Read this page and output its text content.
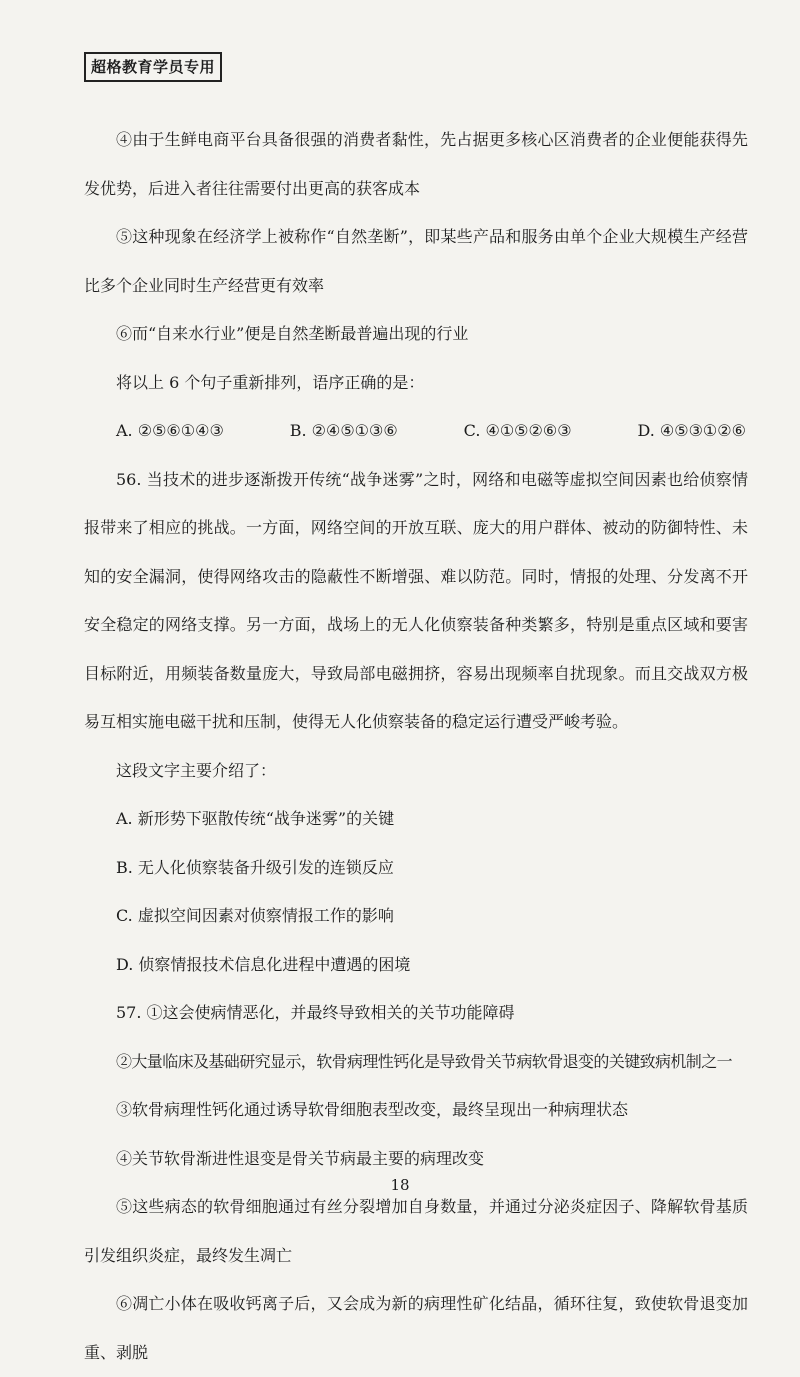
超格教育学员专用

④由于生鲜电商平台具备很强的消费者黏性，先占据更多核心区消费者的企业便能获得先发优势，后进入者往往需要付出更高的获客成本

⑤这种现象在经济学上被称作“自然垄断”，即某些产品和服务由单个企业大规模生产经营比多个企业同时生产经营更有效率

⑥而“自来水行业”便是自然垄断最普遍出现的行业

将以上 6 个句子重新排列，语序正确的是：

A. ②⑤⑥①④③	B. ②④⑤①③⑥	C. ④①⑤②⑥③	D. ④⑤③①②⑥

56. 当技术的进步逐渐拨开传统“战争迷雾”之时，网络和电磁等虚拟空间因素也给侦察情报带来了相应的挑战。一方面，网络空间的开放互联、庞大的用户群体、被动的防御特性、未知的安全漏洞，使得网络攻击的隐蔽性不断增强、难以防范。同时，情报的处理、分发离不开安全稳定的网络支撑。另一方面，战场上的无人化侦察装备种类繁多，特别是重点区域和要害目标附近，用频装备数量庞大，导致局部电磁拥挤，容易出现频率自扰现象。而且交战双方极易互相实施电磁干扰和压制，使得无人化侦察装备的稳定运行遭受严峻考验。

这段文字主要介绍了：

A. 新形势下驱散传统“战争迷雾”的关键

B. 无人化侦察装备升级引发的连锁反应

C. 虚拟空间因素对侦察情报工作的影响

D. 侦察情报技术信息化进程中遭遇的困境

57. ①这会使病情恶化，并最终导致相关的关节功能障碍

②大量临床及基础研究显示，软骨病理性钙化是导致骨关节病软骨退变的关键致病机制之一

③软骨病理性钙化通过诱导软骨细胞表型改变，最终呈现出一种病理状态

④关节软骨渐进性退变是骨关节病最主要的病理改变

⑤这些病态的软骨细胞通过有丝分裂增加自身数量，并通过分泌炎症因子、降解软骨基质引发组织炎症，最终发生凋亡

⑥凋亡小体在吸收钙离子后，又会成为新的病理性矿化结晶，循环往复，致使软骨退变加重、剥脱

18
